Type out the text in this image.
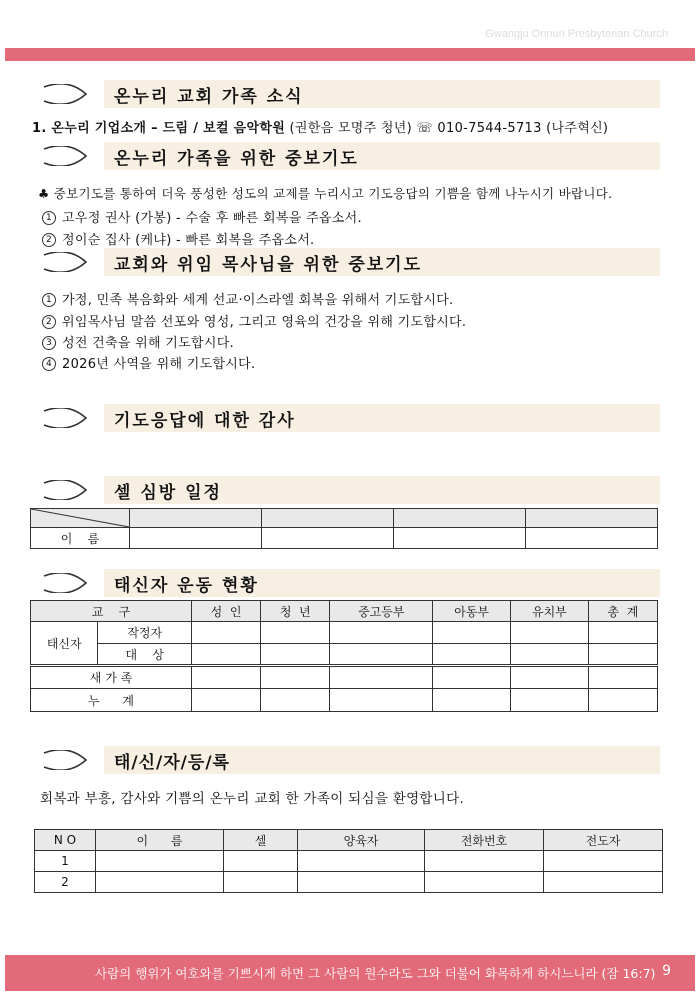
Gwangju Onnuri Presbyterian Church
온누리 교회 가족 소식
1. 온누리 기업소개 – 드림 / 보컬 음악학원 (권한음 모명주 청년) ☏ 010-7544-5713 (나주혁신)
온누리 가족을 위한 중보기도
♣ 중보기도를 통하여 더욱 풍성한 성도의 교제를 누리시고 기도응답의 기쁨을 함께 나누시기 바랍니다.
1 고우정 권사 (가봉) - 수술 후 빠른 회복을 주옵소서.
2 정이순 집사 (케냐) - 빠른 회복을 주옵소서.
교회와 위임 목사님을 위한 중보기도
1 가정, 민족 복음화와 세계 선교·이스라엘 회복을 위해서 기도합시다.
2 위임목사님 말씀 선포와 영성, 그리고 영육의 건강을 위해 기도합시다.
3 성전 건축을 위해 기도합시다.
4 2026년 사역을 위해 기도합시다.
기도응답에 대한 감사
셀 심방 일정

이    름				
태신자 운동 현황
교    구		성  인	청  년	중고등부	아동부	유치부	총  계
태신자	작정자						
	대    상						
새 가 족							
누      계							
태/신/자/등/록
회복과 부흥, 감사와 기쁨의 온누리 교회 한 가족이 되심을 환영합니다.
N O	이      름	셀	양육자	전화번호	전도자
1					
2					
사람의 행위가 여호와를 기쁘시게 하면 그 사람의 원수라도 그와 더불어 화목하게 하시느니라 (잠 16:7) 9
